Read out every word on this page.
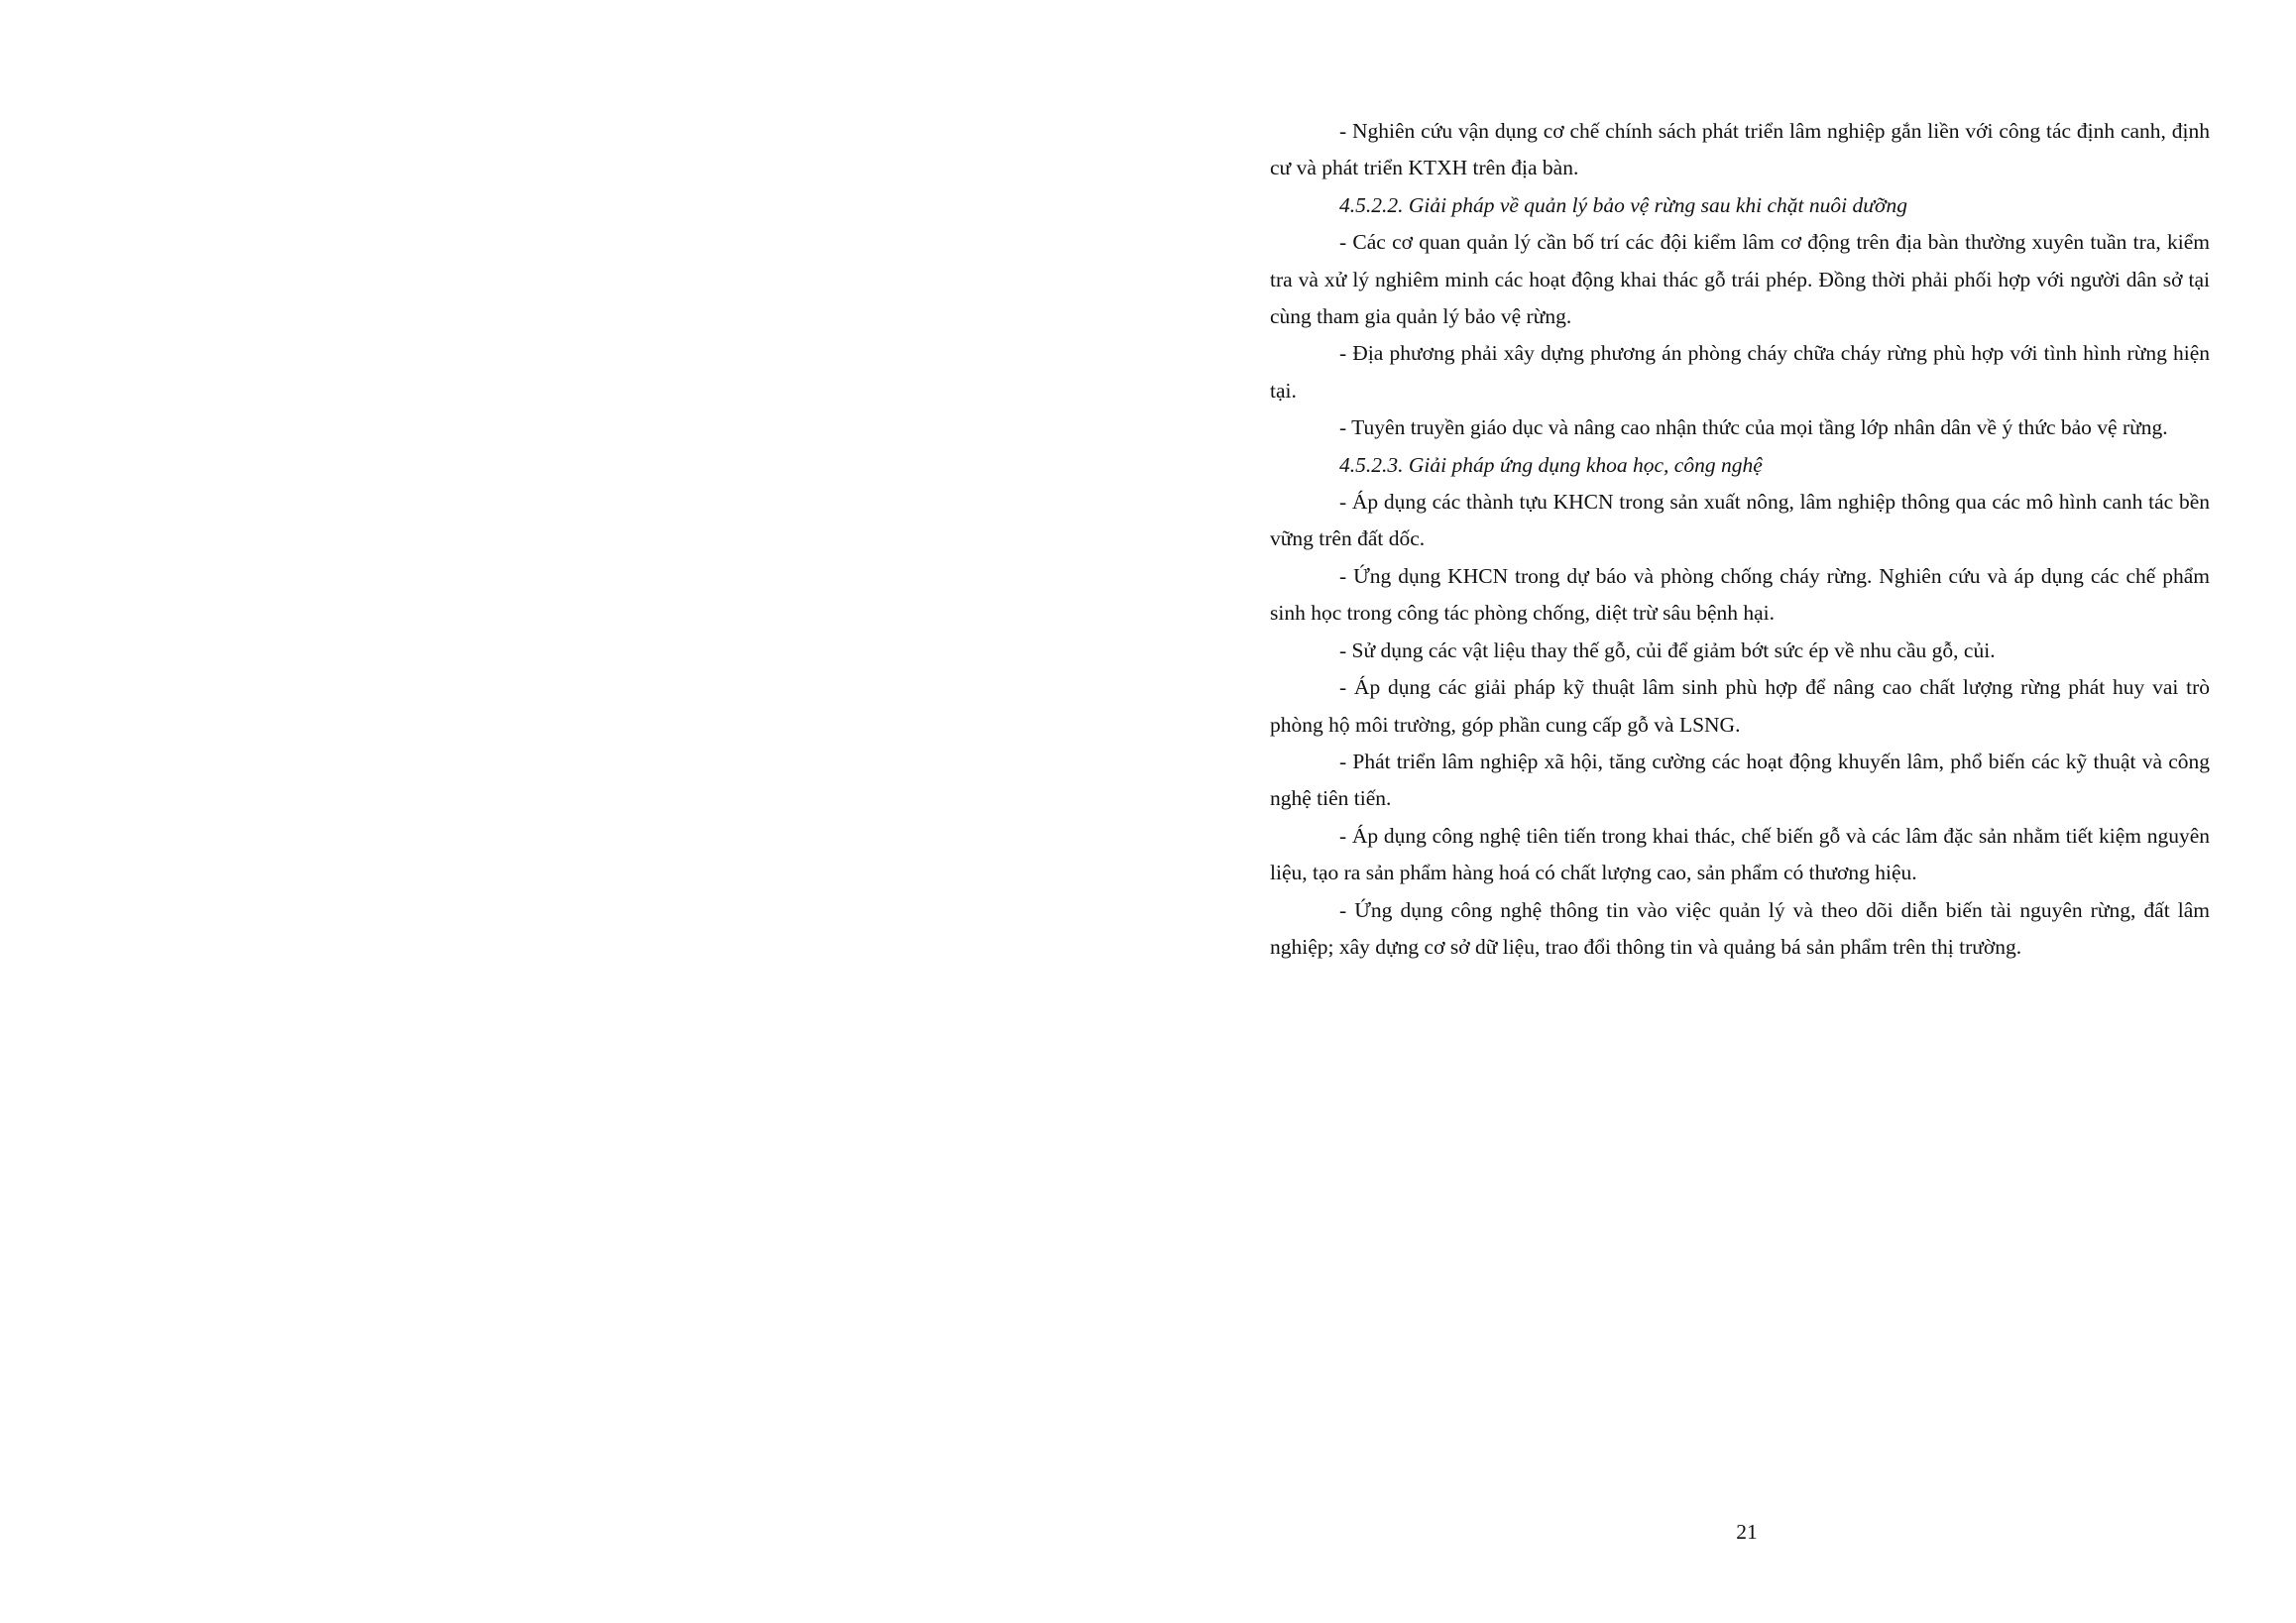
- Nghiên cứu vận dụng cơ chế chính sách phát triển lâm nghiệp gắn liền với công tác định canh, định cư và phát triển KTXH trên địa bàn.

4.5.2.2. Giải pháp về quản lý bảo vệ rừng sau khi chặt nuôi dưỡng

- Các cơ quan quản lý cần bố trí các đội kiểm lâm cơ động trên địa bàn thường xuyên tuần tra, kiểm tra và xử lý nghiêm minh các hoạt động khai thác gỗ trái phép. Đồng thời phải phối hợp với người dân sở tại cùng tham gia quản lý bảo vệ rừng.

- Địa phương phải xây dựng phương án phòng cháy chữa cháy rừng phù hợp với tình hình rừng hiện tại.

- Tuyên truyền giáo dục và nâng cao nhận thức của mọi tầng lớp nhân dân về ý thức bảo vệ rừng.

4.5.2.3. Giải pháp ứng dụng khoa học, công nghệ

- Áp dụng các thành tựu KHCN trong sản xuất nông, lâm nghiệp thông qua các mô hình canh tác bền vững trên đất dốc.

- Ứng dụng KHCN trong dự báo và phòng chống cháy rừng. Nghiên cứu và áp dụng các chế phẩm sinh học trong công tác phòng chống, diệt trừ sâu bệnh hại.

- Sử dụng các vật liệu thay thế gỗ, củi để giảm bớt sức ép về nhu cầu gỗ, củi.

- Áp dụng các giải pháp kỹ thuật lâm sinh phù hợp để nâng cao chất lượng rừng phát huy vai trò phòng hộ môi trường, góp phần cung cấp gỗ và LSNG.

- Phát triển lâm nghiệp xã hội, tăng cường các hoạt động khuyến lâm, phổ biến các kỹ thuật và công nghệ tiên tiến.

- Áp dụng công nghệ tiên tiến trong khai thác, chế biến gỗ và các lâm đặc sản nhằm tiết kiệm nguyên liệu, tạo ra sản phẩm hàng hoá có chất lượng cao, sản phẩm có thương hiệu.

- Ứng dụng công nghệ thông tin vào việc quản lý và theo dõi diễn biến tài nguyên rừng, đất lâm nghiệp; xây dựng cơ sở dữ liệu, trao đổi thông tin và quảng bá sản phẩm trên thị trường.

21
